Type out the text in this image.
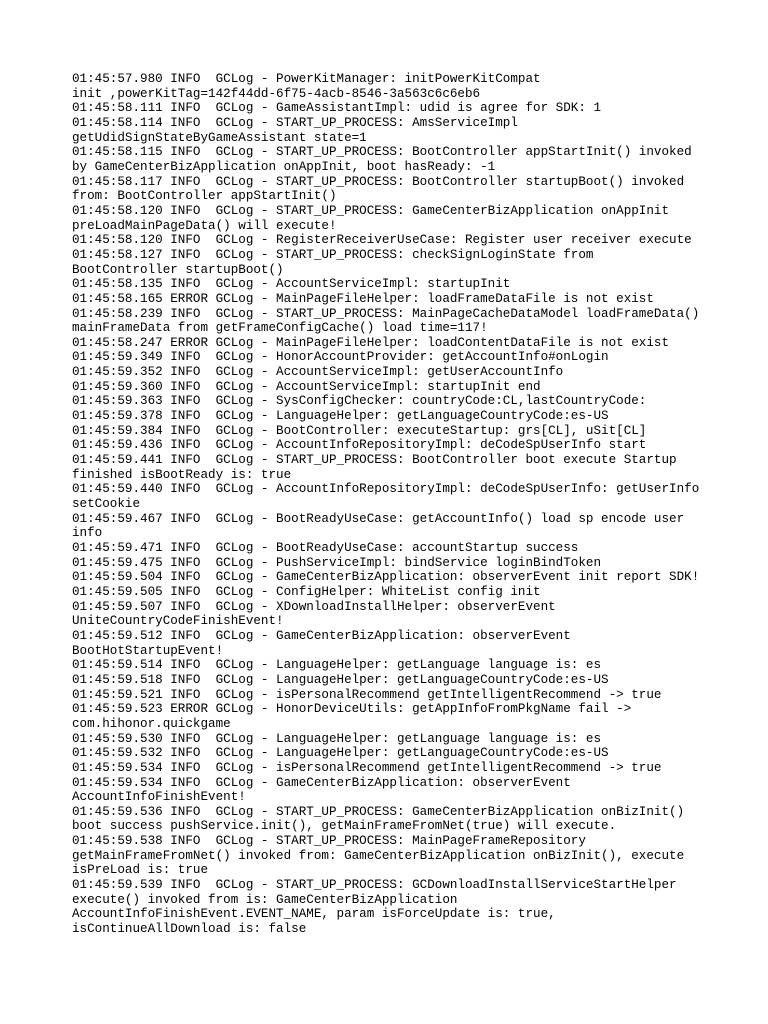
01:45:57.980 INFO  GCLog - PowerKitManager: initPowerKitCompat

init ,powerKitTag=142f44dd-6f75-4acb-8546-3a563c6c6eb6

01:45:58.111 INFO  GCLog - GameAssistantImpl: udid is agree for SDK: 1

01:45:58.114 INFO  GCLog - START_UP_PROCESS: AmsServiceImpl

getUdidSignStateByGameAssistant state=1

01:45:58.115 INFO  GCLog - START_UP_PROCESS: BootController appStartInit() invoked

by GameCenterBizApplication onAppInit, boot hasReady: -1

01:45:58.117 INFO  GCLog - START_UP_PROCESS: BootController startupBoot() invoked

from: BootController appStartInit()

01:45:58.120 INFO  GCLog - START_UP_PROCESS: GameCenterBizApplication onAppInit

preLoadMainPageData() will execute!

01:45:58.120 INFO  GCLog - RegisterReceiverUseCase: Register user receiver execute

01:45:58.127 INFO  GCLog - START_UP_PROCESS: checkSignLoginState from

BootController startupBoot()

01:45:58.135 INFO  GCLog - AccountServiceImpl: startupInit

01:45:58.165 ERROR GCLog - MainPageFileHelper: loadFrameDataFile is not exist

01:45:58.239 INFO  GCLog - START_UP_PROCESS: MainPageCacheDataModel loadFrameData()

mainFrameData from getFrameConfigCache() load time=117!

01:45:58.247 ERROR GCLog - MainPageFileHelper: loadContentDataFile is not exist

01:45:59.349 INFO  GCLog - HonorAccountProvider: getAccountInfo#onLogin

01:45:59.352 INFO  GCLog - AccountServiceImpl: getUserAccountInfo

01:45:59.360 INFO  GCLog - AccountServiceImpl: startupInit end

01:45:59.363 INFO  GCLog - SysConfigChecker: countryCode:CL,lastCountryCode:

01:45:59.378 INFO  GCLog - LanguageHelper: getLanguageCountryCode:es-US

01:45:59.384 INFO  GCLog - BootController: executeStartup: grs[CL], uSit[CL]

01:45:59.436 INFO  GCLog - AccountInfoRepositoryImpl: deCodeSpUserInfo start

01:45:59.441 INFO  GCLog - START_UP_PROCESS: BootController boot execute Startup

finished isBootReady is: true

01:45:59.440 INFO  GCLog - AccountInfoRepositoryImpl: deCodeSpUserInfo: getUserInfo

setCookie

01:45:59.467 INFO  GCLog - BootReadyUseCase: getAccountInfo() load sp encode user

info

01:45:59.471 INFO  GCLog - BootReadyUseCase: accountStartup success

01:45:59.475 INFO  GCLog - PushServiceImpl: bindService loginBindToken

01:45:59.504 INFO  GCLog - GameCenterBizApplication: observerEvent init report SDK!

01:45:59.505 INFO  GCLog - ConfigHelper: WhiteList config init

01:45:59.507 INFO  GCLog - XDownloadInstallHelper: observerEvent

UniteCountryCodeFinishEvent!

01:45:59.512 INFO  GCLog - GameCenterBizApplication: observerEvent

BootHotStartupEvent!

01:45:59.514 INFO  GCLog - LanguageHelper: getLanguage language is: es

01:45:59.518 INFO  GCLog - LanguageHelper: getLanguageCountryCode:es-US

01:45:59.521 INFO  GCLog - isPersonalRecommend getIntelligentRecommend -> true

01:45:59.523 ERROR GCLog - HonorDeviceUtils: getAppInfoFromPkgName fail ->

com.hihonor.quickgame

01:45:59.530 INFO  GCLog - LanguageHelper: getLanguage language is: es

01:45:59.532 INFO  GCLog - LanguageHelper: getLanguageCountryCode:es-US

01:45:59.534 INFO  GCLog - isPersonalRecommend getIntelligentRecommend -> true

01:45:59.534 INFO  GCLog - GameCenterBizApplication: observerEvent

AccountInfoFinishEvent!

01:45:59.536 INFO  GCLog - START_UP_PROCESS: GameCenterBizApplication onBizInit()

boot success pushService.init(), getMainFrameFromNet(true) will execute.

01:45:59.538 INFO  GCLog - START_UP_PROCESS: MainPageFrameRepository

getMainFrameFromNet() invoked from: GameCenterBizApplication onBizInit(), execute

isPreLoad is: true

01:45:59.539 INFO  GCLog - START_UP_PROCESS: GCDownloadInstallServiceStartHelper

execute() invoked from is: GameCenterBizApplication

AccountInfoFinishEvent.EVENT_NAME, param isForceUpdate is: true,

isContinueAllDownload is: false
